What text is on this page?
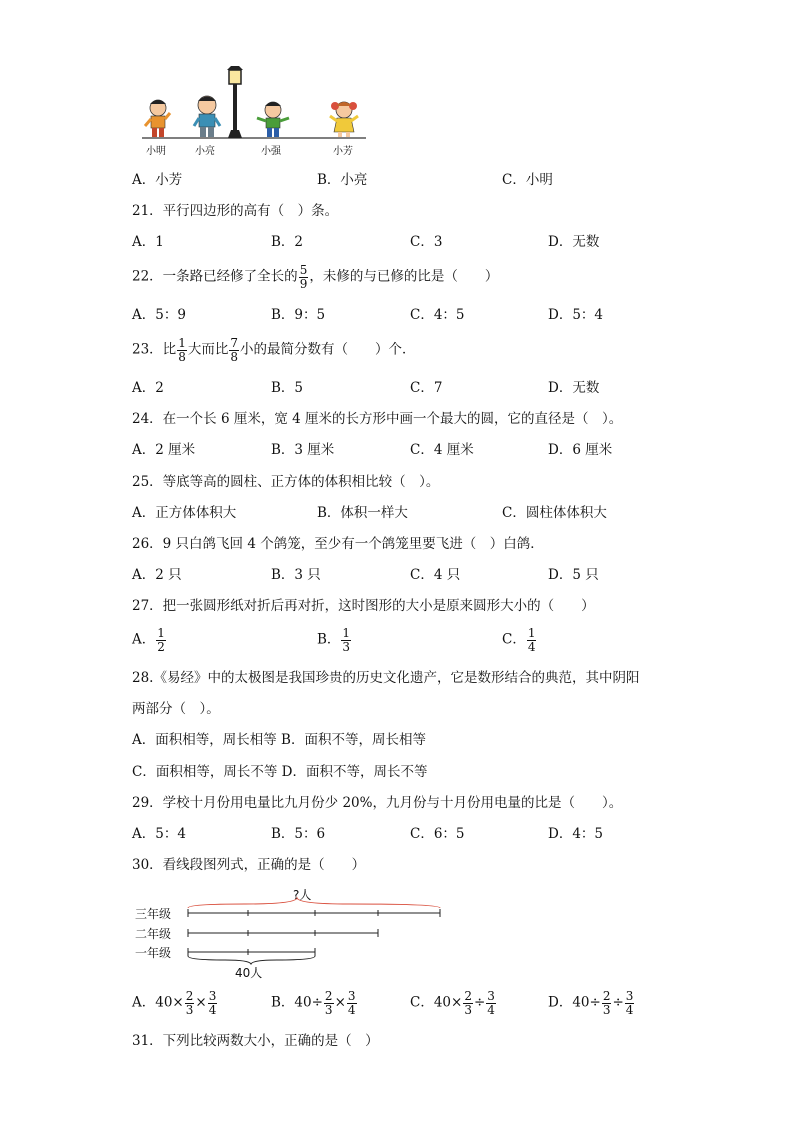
小明	小亮	小强	小芳
A．小芳	B．小亮	C．小明
21．平行四边形的高有（　）条。
A．1	B．2	C．3	D．无数
22．一条路已经修了全长的 $\frac{5}{9}$ ，未修的与已修的比是（　　）
A．5：9	B．9：5	C．4：5	D．5：4
23．比 $\frac{1}{8}$ 大而比 $\frac{7}{8}$ 小的最简分数有（　　）个．
A．2	B．5	C．7	D．无数
24．在一个长 6 厘米，宽 4 厘米的长方形中画一个最大的圆，它的直径是（　）。
A．2 厘米	B．3 厘米	C．4 厘米	D．6 厘米
25．等底等高的圆柱、正方体的体积相比较（　）。
A．正方体体积大	B．体积一样大	C．圆柱体体积大
26．9 只白鸽飞回 4 个鸽笼，至少有一个鸽笼里要飞进（　）白鸽．
A．2 只	B．3 只	C．4 只	D．5 只
27．把一张圆形纸对折后再对折，这时图形的大小是原来圆形大小的（　　）
A． $\frac{1}{2}$	B． $\frac{1}{3}$	C． $\frac{1}{4}$
28.《易经》中的太极图是我国珍贵的历史文化遗产，它是数形结合的典范，其中阴阳
两部分（　）。
A．面积相等，周长相等 B．面积不等，周长相等
C．面积相等，周长不等 D．面积不等，周长不等
29．学校十月份用电量比九月份少 20%，九月份与十月份用电量的比是（　　）。
A．5：4	B．5：6	C．6：5	D．4：5
30．看线段图列式，正确的是（　　）
三年级
二年级
一年级
?人
40人
A．$40\times \frac{2}{3} \times \frac{3}{4}$	B．$40\div \frac{2}{3} \times \frac{3}{4}$	C．$40\times \frac{2}{3} \div \frac{3}{4}$	D．$40\div \frac{2}{3} \div \frac{3}{4}$
31．下列比较两数大小，正确的是（　）
